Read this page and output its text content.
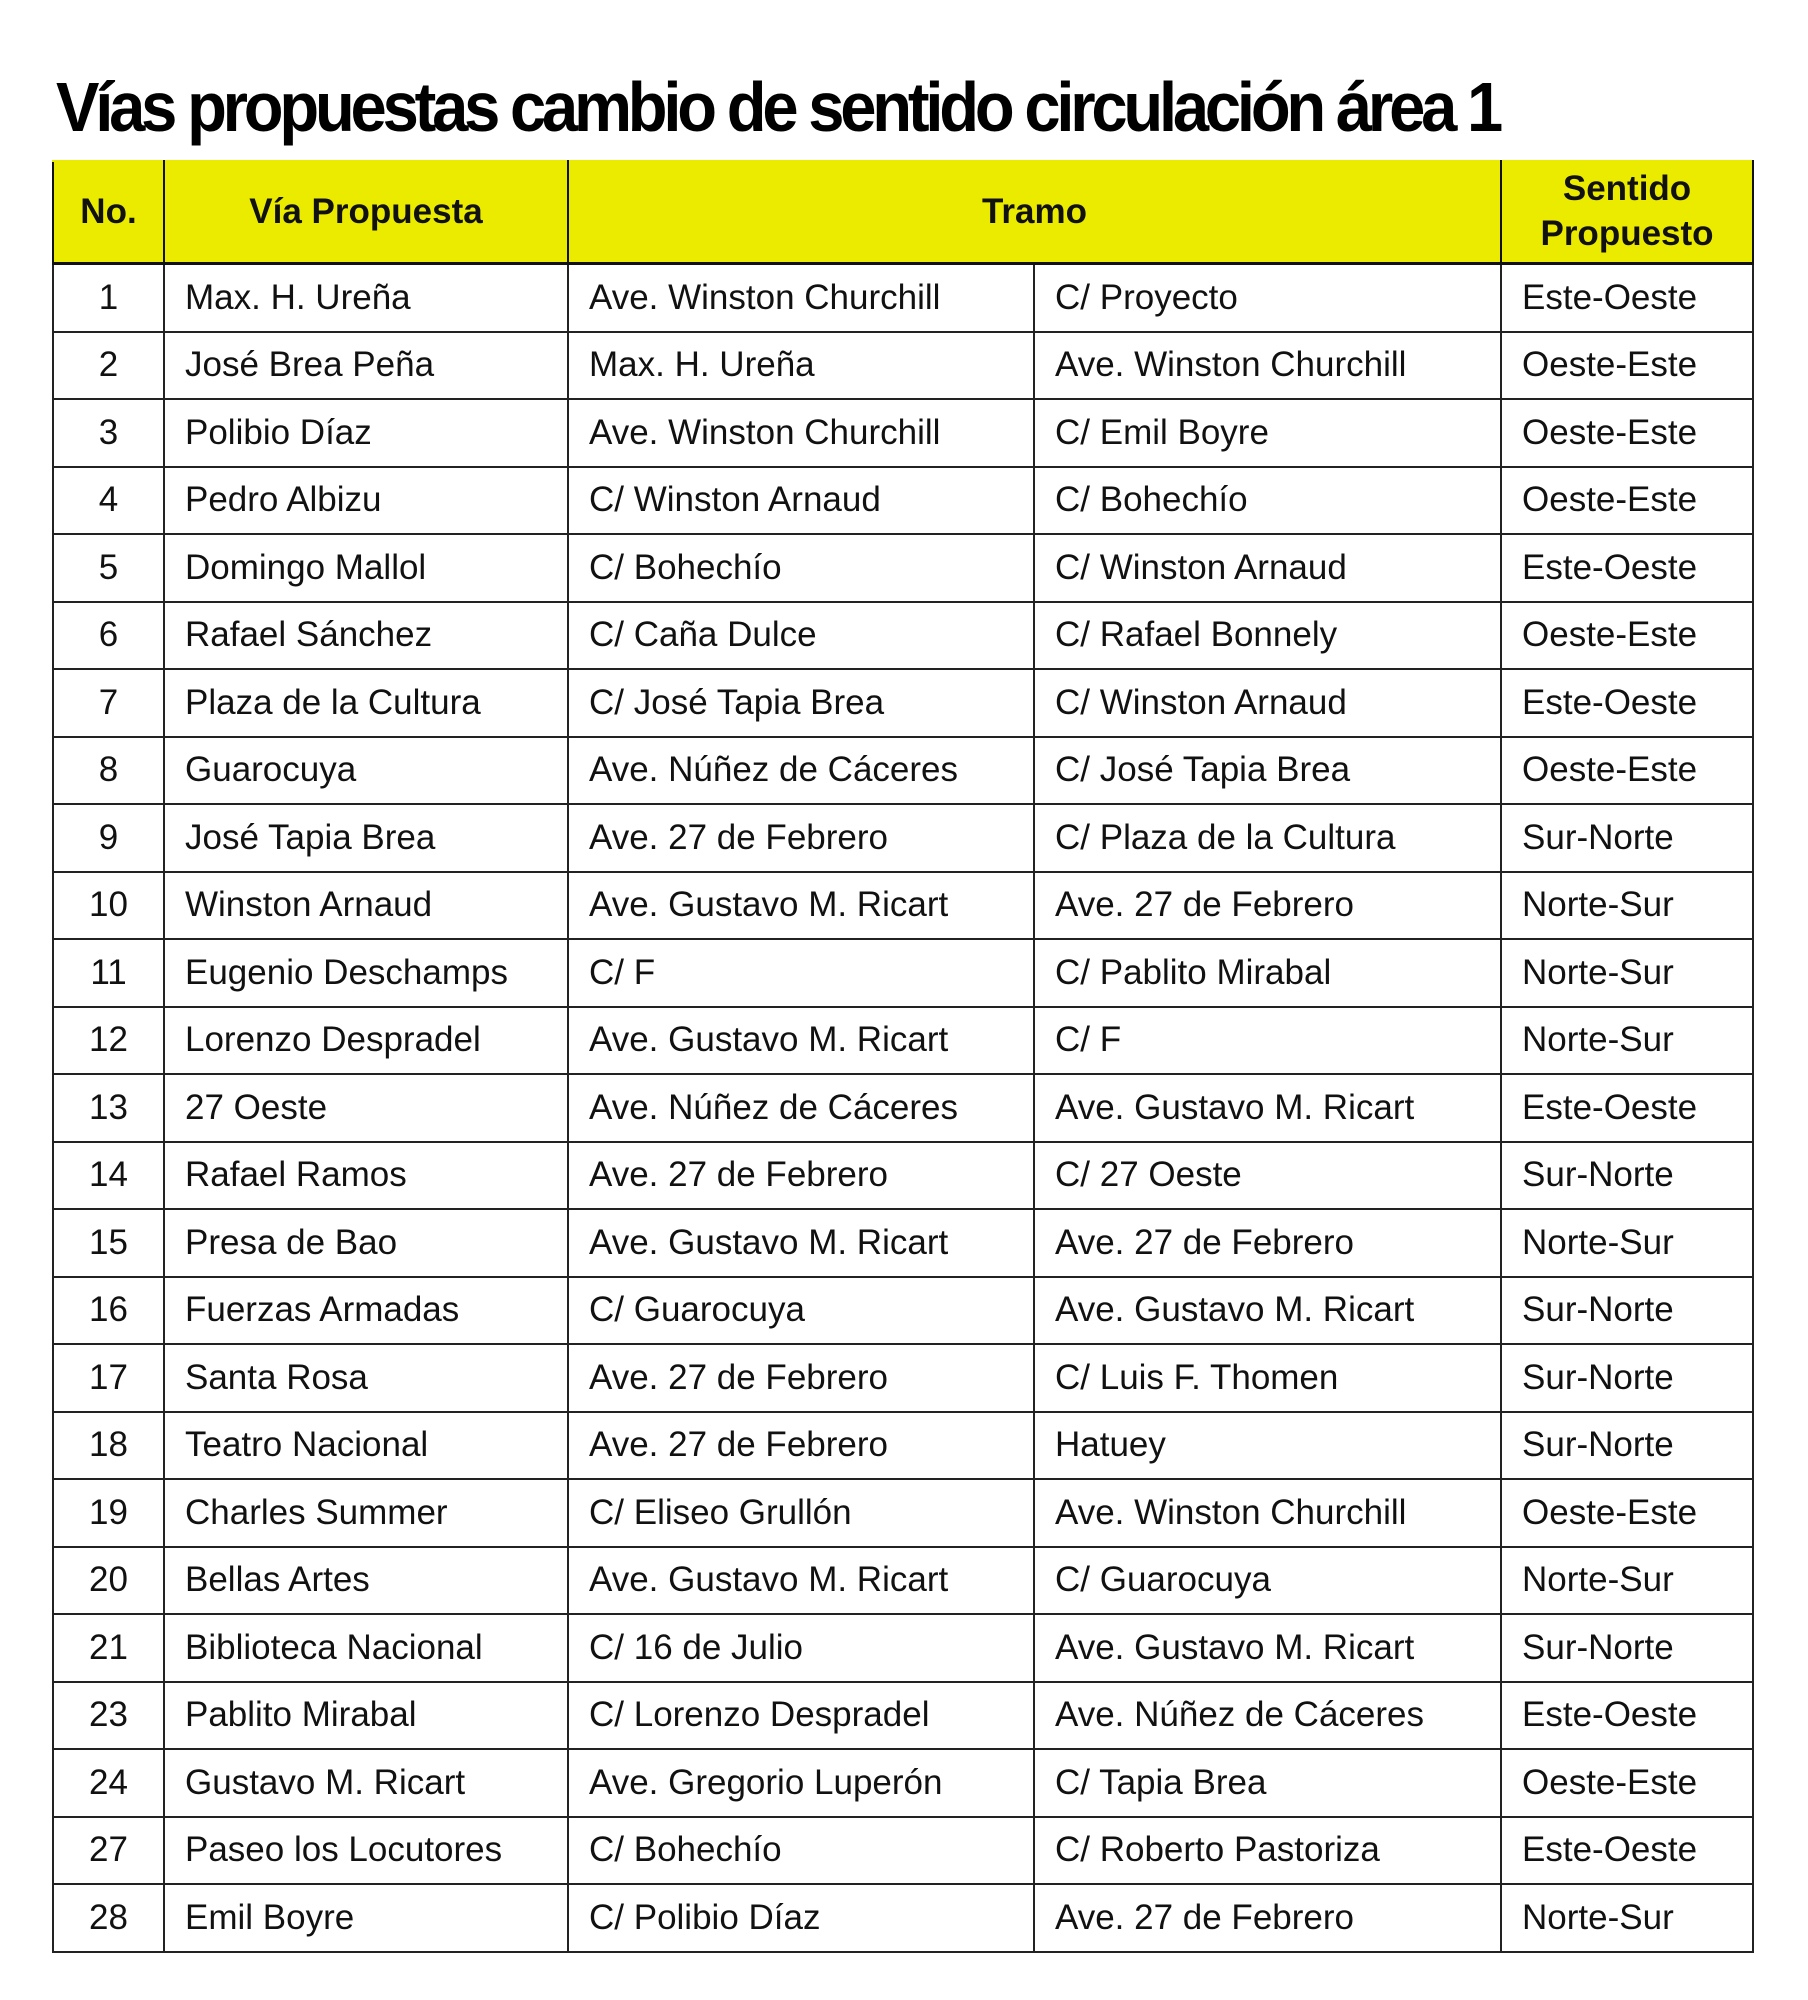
Vías propuestas cambio de sentido circulación área 1
No.	Vía Propuesta	Tramo		Sentido
Propuesto
1	Max. H. Ureña	Ave. Winston Churchill	C/ Proyecto	Este-Oeste
2	José Brea Peña	Max. H. Ureña	Ave. Winston Churchill	Oeste-Este
3	Polibio Díaz	Ave. Winston Churchill	C/ Emil Boyre	Oeste-Este
4	Pedro Albizu	C/ Winston Arnaud	C/ Bohechío	Oeste-Este
5	Domingo Mallol	C/ Bohechío	C/ Winston Arnaud	Este-Oeste
6	Rafael Sánchez	C/ Caña Dulce	C/ Rafael Bonnely	Oeste-Este
7	Plaza de la Cultura	C/ José Tapia Brea	C/ Winston Arnaud	Este-Oeste
8	Guarocuya	Ave. Núñez de Cáceres	C/ José Tapia Brea	Oeste-Este
9	José Tapia Brea	Ave. 27 de Febrero	C/ Plaza de la Cultura	Sur-Norte
10	Winston Arnaud	Ave. Gustavo M. Ricart	Ave. 27 de Febrero	Norte-Sur
11	Eugenio Deschamps	C/ F	C/ Pablito Mirabal	Norte-Sur
12	Lorenzo Despradel	Ave. Gustavo M. Ricart	C/ F	Norte-Sur
13	27 Oeste	Ave. Núñez de Cáceres	Ave. Gustavo M. Ricart	Este-Oeste
14	Rafael Ramos	Ave. 27 de Febrero	C/ 27 Oeste	Sur-Norte
15	Presa de Bao	Ave. Gustavo M. Ricart	Ave. 27 de Febrero	Norte-Sur
16	Fuerzas Armadas	C/ Guarocuya	Ave. Gustavo M. Ricart	Sur-Norte
17	Santa Rosa	Ave. 27 de Febrero	C/ Luis F. Thomen	Sur-Norte
18	Teatro Nacional	Ave. 27 de Febrero	Hatuey	Sur-Norte
19	Charles Summer	C/ Eliseo Grullón	Ave. Winston Churchill	Oeste-Este
20	Bellas Artes	Ave. Gustavo M. Ricart	C/ Guarocuya	Norte-Sur
21	Biblioteca Nacional	C/ 16 de Julio	Ave. Gustavo M. Ricart	Sur-Norte
23	Pablito Mirabal	C/ Lorenzo Despradel	Ave. Núñez de Cáceres	Este-Oeste
24	Gustavo M. Ricart	Ave. Gregorio Luperón	C/ Tapia Brea	Oeste-Este
27	Paseo los Locutores	C/ Bohechío	C/ Roberto Pastoriza	Este-Oeste
28	Emil Boyre	C/ Polibio Díaz	Ave. 27 de Febrero	Norte-Sur
